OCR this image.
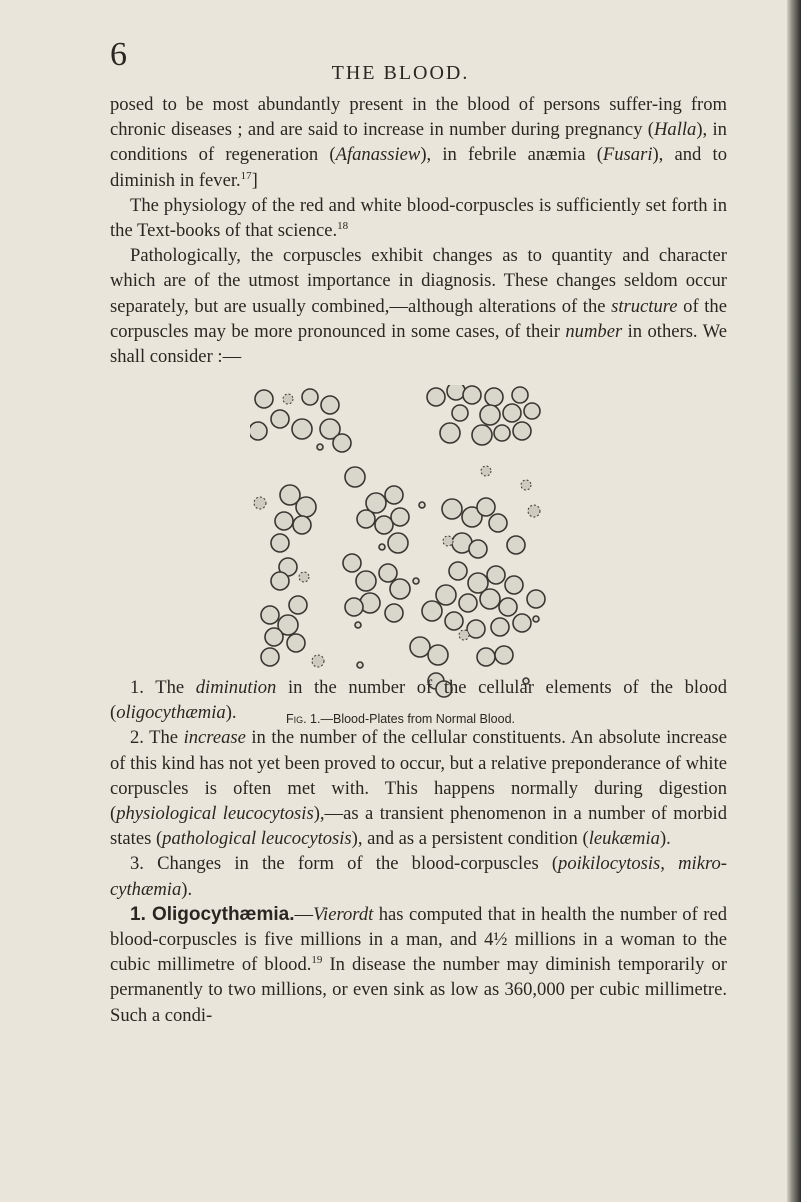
6	THE BLOOD.

posed to be most abundantly present in the blood of persons suffer-ing from chronic diseases ; and are said to increase in number during pregnancy (Halla), in conditions of regeneration (Afanassiew), in febrile anæmia (Fusari), and to diminish in fever.$^{17}$]

The physiology of the red and white blood-corpuscles is sufficiently set forth in the Text-books of that science.$^{18}$

Pathologically, the corpuscles exhibit changes as to quantity and character which are of the utmost importance in diagnosis. These changes seldom occur separately, but are usually combined,—although alterations of the structure of the corpuscles may be more pronounced in some cases, of their number in others. We shall consider :—

Fig. 1.—Blood-Plates from Normal Blood.

1. The diminution in the number of the cellular elements of the blood (oligocythæmia).

2. The increase in the number of the cellular constituents. An absolute increase of this kind has not yet been proved to occur, but a relative preponderance of white corpuscles is often met with. This happens normally during digestion (physiological leucocytosis),—as a transient phenomenon in a number of morbid states (pathological leucocytosis), and as a persistent condition (leukæmia).

3. Changes in the form of the blood-corpuscles (poikilocytosis, mikro-cythæmia).

1. Oligocythæmia.—Vierordt has computed that in health the number of red blood-corpuscles is five millions in a man, and 4½ millions in a woman to the cubic millimetre of blood.$^{19}$ In disease the number may diminish temporarily or permanently to two millions, or even sink as low as 360,000 per cubic millimetre. Such a condi-
